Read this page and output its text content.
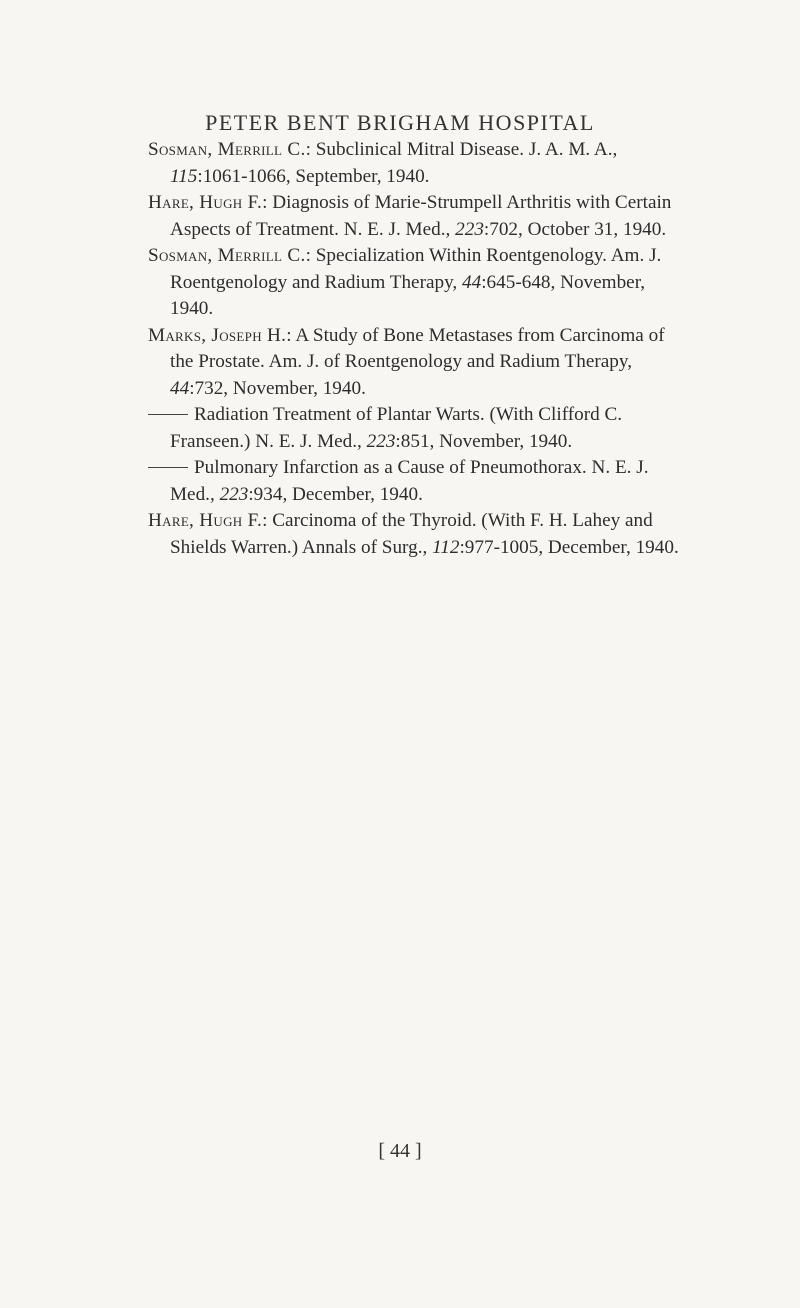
PETER BENT BRIGHAM HOSPITAL

Sosman, Merrill C.: Subclinical Mitral Disease. J. A. M. A., 115:1061-1066, September, 1940.

Hare, Hugh F.: Diagnosis of Marie-Strumpell Arthritis with Certain Aspects of Treatment. N. E. J. Med., 223:702, October 31, 1940.

Sosman, Merrill C.: Specialization Within Roentgenology. Am. J. Roentgenology and Radium Therapy, 44:645-648, November, 1940.

Marks, Joseph H.: A Study of Bone Metastases from Carcinoma of the Prostate. Am. J. of Roentgenology and Radium Therapy, 44:732, November, 1940.

Radiation Treatment of Plantar Warts. (With Clifford C. Franseen.) N. E. J. Med., 223:851, November, 1940.

Pulmonary Infarction as a Cause of Pneumothorax. N. E. J. Med., 223:934, December, 1940.

Hare, Hugh F.: Carcinoma of the Thyroid. (With F. H. Lahey and Shields Warren.) Annals of Surg., 112:977-1005, December, 1940.

[ 44 ]
